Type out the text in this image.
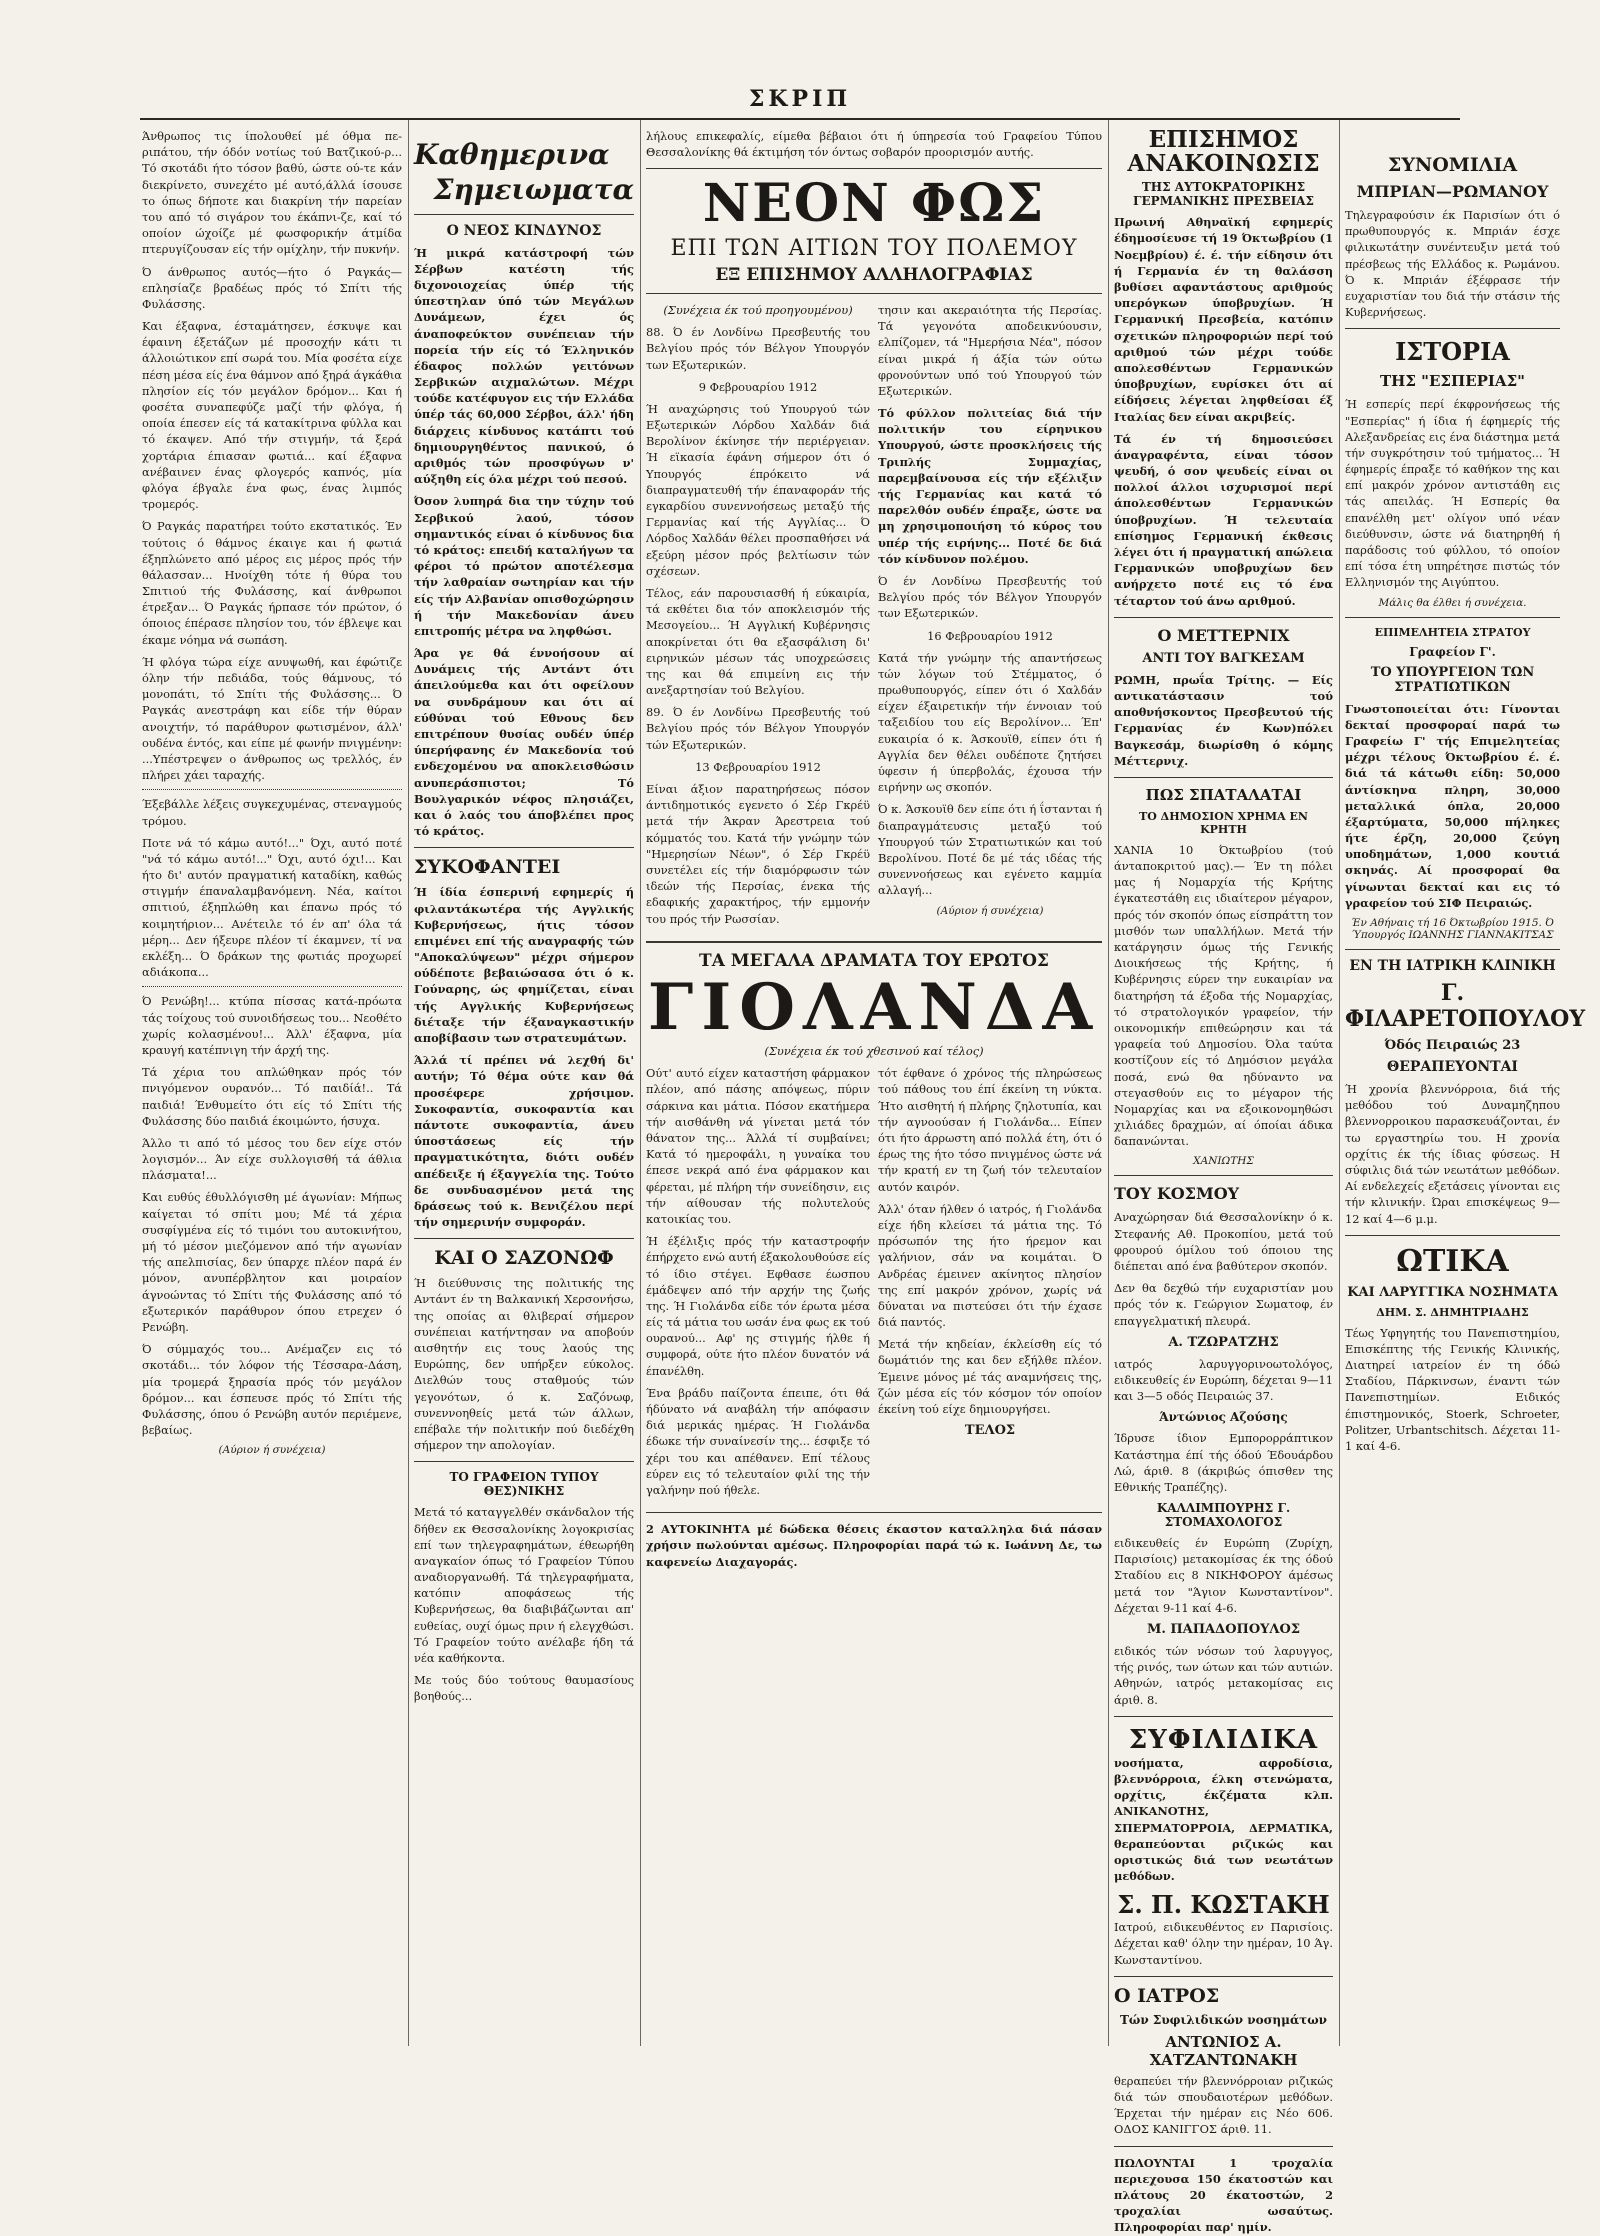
ΣΚΡΙΠ

Άνθρωπος τις ίπολουθεί μέ όθμα πε-ριπάτου, τήν όδόν νοτίως τού Βατζικού-ρ... Τό σκοτάδι ήτο τόσον βαθύ, ώστε ού-τε κάν διεκρίνετο, συνεχέτο μέ αυτό,άλλά ίσουσε το όπως δήποτε και διακρίνη τήν παρείαν του από τό σιγάρον του έκάπνι-ζε, καί τό οποίον ώχοίζε μέ φωσφορικήν άτμίδα πτερυγίζουσαν είς τήν ομίχλην, τήν πυκνήν.

Ό άνθρωπος αυτός—ήτο ό Ραγκάς—επλησίαζε βραδέως πρός τό Σπίτι τής Φυλάσσης.

Και έξαφνα, έσταμάτησεν, έσκυψε και έφαινη έξετάζων μέ προσοχήν κάτι τι άλλοιώτικον επί σωρά του. Μία φοσέτα είχε πέση μέσα είς ένα θάμνον από ξηρά άγκάθια πλησίον είς τόν μεγάλον δρόμον... Και ή φοσέτα συναπεφύζε μαζί τήν φλόγα, ή οποία έπεσεν είς τά κατακίτρινα φύλλα και τό έκαψεν. Από τήν στιγμήν, τά ξερά χορτάρια έπιασαν φωτιά... καί έξαφνα ανέβαινεν ένας φλογερός καπνός, μία φλόγα έβγαλε ένα φως, ένας λιμπός τρομερός.

Ό Ραγκάς παρατήρει τούτο εκστατικός. Έν τούτοις ό θάμνος έκαιγε και ή φωτιά έξηπλώνετο από μέρος εις μέρος πρός τήν θάλασσαν... Ηνοίχθη τότε ή θύρα του Σπιτιού τής Φυλάσσης, καί άνθρωποι έτρεξαν... Ό Ραγκάς ήρπασε τόν πρώτον, ό όποιος έπέρασε πλησίον του, τόν έβλεψε και έκαμε νόημα νά σωπάση.

Ή φλόγα τώρα είχε ανυψωθή, και έφώτιζε όλην τήν πεδιάδα, τούς θάμνους, τό μονοπάτι, τό Σπίτι τής Φυλάσσης... Ό Ραγκάς ανεστράφη και είδε τήν θύραν ανοιχτήν, τό παράθυρον φωτισμένον, άλλ' ουδένα έντός, και είπε μέ φωνήν πνιγμένην: ...Υπέστρεψεν ο άνθρωπος ως τρελλός, έν πλήρει χάει ταραχής.

Έξεβάλλε λέξεις συγκεχυμένας, στεναγμούς τρόμου.

Ποτε νά τό κάμω αυτό!..." Όχι, αυτό ποτέ "νά τό κάμω αυτό!..." Όχι, αυτό όχι!... Και ήτο δι' αυτόν πραγματική καταδίκη, καθώς στιγμήν έπαναλαμβανόμενη. Νέα, καίτοι σπιτιού, έξηπλώθη και έπανω πρός τό κοιμητήριον... Ανέτειλε τό έν απ' όλα τά μέρη... Δεν ήξευρε πλέον τί έκαμνεν, τί να εκλέξη... Ό δράκων της φωτιάς προχωρεί αδιάκοπα...

Ό Ρενώβη!... κτύπα πίσσας κατά-πρόωτα τάς τοίχους τού συνοιδήσεως του... Νεοθέτο χωρίς κολασμένου!... Άλλ' έξαφνα, μία κραυγή κατέπνιγη τήν άρχή της.

Τά χέρια του απλώθηκαν πρός τόν πνιγόμενον ουρανόν... Τό παιδίά!.. Τά παιδιά! Ένθυμείτο ότι είς τό Σπίτι τής Φυλάσσης δύο παιδιά έκοιμώντο, ήσυχα.

Άλλο τι από τό μέσος του δεν είχε στόν λογισμόν... Άν είχε συλλογισθή τά άθλια πλάσματα!...

Και ευθύς έθυλλόγισθη μέ άγωνίαν: Μήπως καίγεται τό σπίτι μου; Μέ τά χέρια συσφίγμένα είς τό τιμόνι του αυτοκινήτου, μή τό μέσον μιεζόμενον από τήν αγωνίαν τής απελπισίας, δεν ύπαρχε πλέον παρά έν μόνον, ανυπέρβλητον και μοιραίον άγνοώντας τό Σπίτι τής Φυλάσσης από τό εξωτερικόν παράθυρον όπου ετρεχεν ό Ρενώβη.

Ό σύμμαχός του... Ανέμαζεν εις τό σκοτάδι... τόν λόφον τής Τέσσαρα-Δάση, μία τρομερά ξηρασία πρός τόν μεγάλον δρόμον... και έσπευσε πρός τό Σπίτι τής Φυλάσσης, όπου ό Ρενώβη αυτόν περιέμενε, βεβαίως.

(Αύριον ή συνέχεια)
Καθημερινα
Σημειωματα
Ο ΝΕΟΣ ΚΙΝΔΥΝΟΣ

Ή μικρά κατάστροφή τών Σέρβων κατέστη τής διχονοιοχείας ύπέρ τής ύπεστηλαν ύπό τών Μεγάλων Δυνάμεων, έχει ός άναποφεύκτον συνέπειαν τήν πορεία τήν είς τό Έλληνικόν έδαφος πολλών γειτόνων Σερβικών αιχμαλώτων. Μέχρι τούδε κατέφυγον εις τήν Ελλάδα ύπέρ τάς 60,000 Σέρβοι, άλλ' ήδη διάρχεις κίνδυνος κατάπτι τού δημιουργηθέντος πανικού, ό αριθμός τών προσφύγων ν' αύξηθη είς όλα μέχρι τού πεσού.

Όσον λυπηρά δια την τύχην τού Σερβικού λαού, τόσον σημαντικός είναι ό κίνδυνος δια τό κράτος: επειδή καταλήγων τα φέροι τό πρώτον αποτέλεσμα τήν λαθραίαν σωτηρίαν και τήν είς τήν Αλβανίαν οπισθοχώρησιν ή τήν Μακεδονίαν άνευ επιτροπής μέτρα να ληφθώσι.

Άρα γε θά έννοήσουν αί Δυνάμεις τής Αντάντ ότι άπειλούμεθα και ότι οφείλουν να συνδράμουν και ότι αί εύθύναι τού Εθνους δεν επιτρέπουν θυσίας ουδέν ύπέρ ύπερήφανης έν Μακεδονία τού ενδεχομένου να αποκλεισθώσιν ανυπεράσπιστοι; Τό Βουλγαρικόν νέφος πλησιάζει, και ό λαός του άποβλέπει προς τό κράτος.

ΣΥΚΟΦΑΝΤΕΙ

Ή ίδία έσπερινή εφημερίς ή φιλαντάκωτέρα τής Αγγλικής Κυβερνήσεως, ήτις τόσον επιμένει επί τής αναγραφής τών "Αποκαλύψεων" μέχρι σήμερον ούδέποτε βεβαιώσασα ότι ό κ. Γούναρης, ώς φημίζεται, είναι τής Αγγλικής Κυβερνήσεως διέταξε τήν έξαναγκαστικήν αποβίβασιν των στρατευμάτων.

Άλλά τί πρέπει νά λεχθή δι' αυτήν; Τό θέμα ούτε καν θά προσέφερε χρήσιμον. Συκοφαντία, συκοφαντία και πάντοτε συκοφαντία, άνευ ύποστάσεως είς τήν πραγματικότητα, διότι ουδέν απέδειξε ή έξαγγελία της. Τούτο δε συνδυασμένον μετά της δράσεως τού κ. Βενιζέλου περί τήν σημερινήν συμφοράν.

ΚΑΙ Ο ΣΑΖΟΝΩΦ

Ή διεύθυνσις της πολιτικής της Αντάντ έν τη Βαλκανική Χερσονήσω, της οποίας αι θλιβεραί σήμερον συνέπειαι κατήντησαν να αποβούν αισθητήν εις τους λαούς της Ευρώπης, δεν υπήρξεν εύκολος. Διελθών τους σταθμούς τών γεγονότων, ό κ. Σαζόνωφ, συνεννοηθείς μετά τών άλλων, επέβαλε τήν πολιτικήν πού διεδέχθη σήμερον την απολογίαν.

ΤΟ ΓΡΑΦΕΙΟΝ ΤΥΠΟΥ ΘΕΣ)ΝΙΚΗΣ

Μετά τό καταγγελθέν σκάνδαλον τής δήθεν εκ Θεσσαλονίκης λογοκρισίας επί των τηλεγραφημάτων, έθεωρήθη αναγκαίον όπως τό Γραφείον Τύπου αναδιοργανωθή. Τά τηλεγραφήματα, κατόπιν αποφάσεως τής Κυβερνήσεως, θα διαβιβάζωνται απ' ευθείας, ουχί όμως πριν ή ελεγχθώσι. Τό Γραφείον τούτο ανέλαβε ήδη τά νέα καθήκοντα.

Με τούς δύο τούτους θαυμασίους βοηθούς...

λήλους επικεφαλίς, είμεθα βέβαιοι ότι ή ύπηρεσία τού Γραφείου Τύπου Θεσσαλονίκης θά έκτιμήση τόν όντως σοβαρόν προορισμόν αυτής.

ΝΕΟΝ ΦΩΣ
ΕΠΙ ΤΩΝ ΑΙΤΙΩΝ ΤΟΥ ΠΟΛΕΜΟΥ
ΕΞ ΕΠΙΣΗΜΟΥ ΑΛΛΗΛΟΓΡΑΦΙΑΣ

(Συνέχεια έκ τού προηγουμένου)

88. Ό έν Λονδίνω Πρεσβευτής του Βελγίου πρός τόν Βέλγον Υπουργόν των Εξωτερικών.

9 Φεβρουαρίου 1912

Ή αναχώρησις τού Υπουργού τών Εξωτερικών Λόρδου Χαλδάν διά Βερολίνον έκίνησε τήν περιέργειαν. Ή εϊκασία έφάνη σήμερον ότι ό Υπουργός έπρόκειτο νά διαπραγματευθή τήν έπαναφοράν τής εγκαρδίου συνεννοήσεως μεταξύ τής Γερμανίας καί τής Αγγλίας... Ό Λόρδος Χαλδάν θέλει προσπαθήσει νά εξεύρη μέσον πρός βελτίωσιν τών σχέσεων.

Τέλος, εάν παρουσιασθή ή εύκαιρία, τά εκθέτει δια τόν αποκλεισμόν τής Μεσογείου... Ή Αγγλική Κυβέρνησις αποκρίνεται ότι θα εξασφάλιση δι' ειρηνικών μέσων τάς υποχρεώσεις της και θά επιμείνη εις τήν ανεξαρτησίαν τού Βελγίου.

89. Ό έν Λονδίνω Πρεσβευτής τού Βελγίου πρός τόν Βέλγον Υπουργόν τών Εξωτερικών.

13 Φεβρουαρίου 1912

Είναι άξιον παρατηρήσεως πόσον άντιδημοτικός εγενετο ό Σέρ Γκρέϋ μετά τήν Άκραν Άρεστρεια τού κόμματός του. Κατά τήν γνώμην τών "Ημερησίων Νέων", ό Σέρ Γκρέϋ συνετέλει είς τήν διαμόρφωσιν τών ιδεών τής Περσίας, ένεκα τής εδαφικής χαρακτήρος, τήν εμμονήν του πρός τήν Ρωσσίαν.

τησιν και ακεραιότητα τής Περσίας. Τά γεγονότα αποδεικνύουσιν, ελπίζομεν, τά "Ημερήσια Νέα", πόσον είναι μικρά ή άξία τών ούτω φρονούντων υπό τού Υπουργού τών Εξωτερικών.

Τό φύλλον πολιτείας διά τήν πολιτικήν του είρηνικου Υπουργού, ώστε προσκλήσεις τής Τριπλής Συμμαχίας, παρεμβαίνουσα είς τήν εξέλιξιν τής Γερμανίας και κατά τό παρελθόν ουδέν έπραξε, ώστε να μη χρησιμοποιήση τό κύρος του υπέρ τής ειρήνης... Ποτέ δε διά τόν κίνδυνον πολέμου.

Ό έν Λονδίνω Πρεσβευτής τού Βελγίου πρός τόν Βέλγον Υπουργόν των Εξωτερικών.

16 Φεβρουαρίου 1912

Κατά τήν γνώμην τής απαντήσεως τών λόγων τού Στέμματος, ό πρωθυπουργός, είπεν ότι ό Χαλδάν είχεν έξαιρετικήν τήν έννοιαν τού ταξειδίου του είς Βερολίνον... Έπ' ευκαιρία ό κ. Άσκουϊθ, είπεν ότι ή Αγγλία δεν θέλει ουδέποτε ζητήσει ύφεσιν ή ύπερβολάς, έχουσα τήν ειρήνην ως σκοπόν.

Ό κ. Άσκουϊθ δεν είπε ότι ή ΐστανται ή διαπραγμάτευσις μεταξύ τού Υπουργού τών Στρατιωτικών και τού Βερολίνου. Ποτέ δε μέ τάς ιδέας τής συνεννοήσεως και εγένετο καμμία αλλαγή...

(Αύριον ή συνέχεια)
ΤΑ ΜΕΓΑΛΑ ΔΡΑΜΑΤΑ ΤΟΥ ΕΡΩΤΟΣ
ΓΙΟΛΑΝΔΑ

(Συνέχεια έκ τού χθεσινού καί τέλος)

Ούτ' αυτό είχεν καταστήση φάρμακον πλέον, από πάσης απόψεως, πύριν σάρκινα και μάτια. Πόσον εκατήμερα τήν αισθάνθη νά γίνεται μετά τόν θάνατον της... Άλλά τί συμβαίνει; Κατά τό ημεροφάλι, η γυναίκα του έπεσε νεκρά από ένα φάρμακον και φέρεται, μέ πλήρη τήν συνείδησιν, εις τήν αίθουσαν τής πολυτελούς κατοικίας του.

Ή έξέλιξις πρός τήν καταστροφήν έπήρχετο ενώ αυτή έξακολουθούσε είς τό ίδιο στέγει. Εφθασε έωσπου έμάδεψεν από τήν αρχήν της ζωής της. Ή Γιολάνδα είδε τόν έρωτα μέσα είς τά μάτια του ωσάν ένα φως εκ τού ουρανού... Αφ' ης στιγμής ήλθε ή συμφορά, ούτε ήτο πλέον δυνατόν νά έπανέλθη.

Ένα βράδυ παίζοντα έπειπε, ότι θά ήδύνατο νά αναβάλη τήν απόφασιν διά μερικάς ημέρας. Ή Γιολάνδα έδωκε τήν συναίνεσίν της... έσφιξε τό χέρι του και απέθανεν. Επί τέλους εύρεν εις τό τελευταίον φιλί της τήν γαλήνην πού ήθελε.

τότ έφθανε ό χρόνος τής πληρώσεως τού πάθους του έπί έκείνη τη νύκτα. Ήτο αισθητή ή πλήρης ζηλοτυπία, και τήν αγνοούσαν ή Γιολάνδα... Είπεν ότι ήτο άρρωστη από πολλά έτη, ότι ό έρως της ήτο τόσο πνιγμένος ώστε νά τήν κρατή εν τη ζωή τόν τελευταίον αυτόν καιρόν.

Άλλ' όταν ήλθεν ό ιατρός, ή Γιολάνδα είχε ήδη κλείσει τά μάτια της. Τό πρόσωπόν της ήτο ήρεμον και γαλήνιον, σάν να κοιμάται. Ό Ανδρέας έμεινεν ακίνητος πλησίον της επί μακρόν χρόνον, χωρίς νά δύναται να πιστεύσει ότι τήν έχασε διά παντός.

Μετά τήν κηδείαν, έκλείσθη είς τό δωμάτιόν της και δεν εξήλθε πλέον. Έμεινε μόνος μέ τάς αναμνήσεις της, ζών μέσα είς τόν κόσμον τόν οποίον έκείνη τού είχε δημιουργήσει.

ΤΕΛΟΣ

2 ΑΥΤΟΚΙΝΗΤΑ μέ δώδεκα θέσεις έκαστον καταλληλα διά πάσαν χρήσιν πωλούνται αμέσως. Πληροφορίαι παρά τώ κ. Ιωάννη Δε, τω καφενείω Διαχαγοράς.

ΕΠΙΣΗΜΟΣ ΑΝΑΚΟΙΝΩΣΙΣ
ΤΗΣ ΑΥΤΟΚΡΑΤΟΡΙΚΗΣ ΓΕΡΜΑΝΙΚΗΣ ΠΡΕΣΒΕΙΑΣ

Πρωινή Αθηναϊκή εφημερίς έδημοσίευσε τή 19 Όκτωβρίου (1 Νοεμβρίου) έ. έ. τήν είδησιν ότι ή Γερμανία έν τη θαλάσση βυθίσει αφαντάστους αριθμούς υπερόγκων ύποβρυχίων. Ή Γερμανική Πρεσβεία, κατόπιν σχετικών πληροφοριών περί τού αριθμού τών μέχρι τούδε απολεσθέντων Γερμανικών ύποβρυχίων, ευρίσκει ότι αί είδήσεις λέγεται ληφθείσαι έξ Ιταλίας δεν είναι ακριβείς.

Τά έν τή δημοσιεύσει άναγραφέντα, είναι τόσον ψευδή, ό σον ψευδείς είναι οι πολλοί άλλοι ισχυρισμοί περί άπολεσθέντων Γερμανικών ύποβρυχίων. Ή τελευταία επίσημος Γερμανική έκθεσις λέγει ότι ή πραγματική απώλεια Γερμανικών υποβρυχίων δεν ανήρχετο ποτέ εις τό ένα τέταρτον τού άνω αριθμού.

Ο ΜΕΤΤΕΡΝΙΧ
ΑΝΤΙ ΤΟΥ ΒΑΓΚΕΣΑΜ

ΡΩΜΗ, πρωΐα Τρίτης. — Είς αντικατάστασιν τού αποθνήσκοντος Πρεσβευτού τής Γερμανίας έν Κων)πόλει Βαγκεσάμ, διωρίσθη ό κόμης Μέττερνιχ.

ΠΩΣ ΣΠΑΤΑΛΑΤΑΙ
ΤΟ ΔΗΜΟΣΙΟΝ ΧΡΗΜΑ ΕΝ ΚΡΗΤΗ

ΧΑΝΙΑ 10 Όκτωβρίου (τού άνταποκριτού μας).— Έν τη πόλει μας ή Νομαρχία τής Κρήτης έγκατεστάθη εις ιδιαίτερον μέγαρον, πρός τόν σκοπόν όπως είσπράττη τον μισθόν των υπαλλήλων. Μετά τήν κατάργησιν όμως τής Γενικής Διοικήσεως τής Κρήτης, ή Κυβέρνησις εύρεν την ευκαιρίαν να διατηρήση τά έξοδα τής Νομαρχίας, τό στρατολογικόν γραφείον, τήν οικονομικήν επιθεώρησιν και τά γραφεία τού Δημοσίου. Όλα ταύτα κοστίζουν είς τό Δημόσιον μεγάλα ποσά, ενώ θα ηδύναντο να στεγασθούν εις το μέγαρον τής Νομαρχίας και να εξοικονομηθώσι χιλιάδες δραχμών, αί όποίαι άδικα δαπανώνται.

ΧΑΝΙΩΤΗΣ
ΤΟΥ ΚΟΣΜΟΥ

Αναχώρησαν διά Θεσσαλονίκην ό κ. Στεφανής Αθ. Προκοπίου, μετά τού φρουρού όμίλου τού όποιου της διέπεται από ένα βαθύτερον σκοπόν.

Δεν θα δεχθώ τήν ευχαριστίαν μου πρός τόν κ. Γεώργιον Σωματοφ, έν επαγγελματική πλευρά.

Α. ΤΖΩΡΑΤΖΗΣ

ιατρός λαρυγγορινοωτολόγος, ειδικευθείς έν Ευρώπη, δέχεται 9—11 και 3—5 οδός Πειραιώς 37.

Άντώνιος Αζούσης

Ίδρυσε ίδιον Εμπορορράπτικον Κατάστημα έπί τής όδού Έδουάρδου Λώ, άριθ. 8 (άκριβώς όπισθεν της Εθνικής Τραπέζης).

ΚΑΛΛΙΜΠΟΥΡΗΣ Γ. ΣΤΟΜΑΧΟΛΟΓΟΣ

ειδικευθείς έν Ευρώπη (Ζυρίχη, Παρισίοις) μετακομίσας έκ της όδού Σταδίου εις 8 ΝΙΚΗΦΟΡΟΥ άμέσως μετά τον "Άγιον Κωνσταντίνον". Δέχεται 9-11 καί 4-6.

Μ. ΠΑΠΑΔΟΠΟΥΛΟΣ

ειδικός τών νόσων τού λαρυγγος, τής ρινός, των ώτων και τών αυτιών. Αθηνών, ιατρός μετακομίσας εις άριθ. 8.

ΣΥΦΙΛΙΔΙΚΑ

νοσήματα, αφροδίσια, βλεννόρροια, έλκη στενώματα, ορχίτις, έκζέματα κλπ. ΑΝΙΚΑΝΟΤΗΣ, ΣΠΕΡΜΑΤΟΡΡΟΙΑ, ΔΕΡΜΑΤΙΚΑ, θεραπεύονται ριζικώς και οριστικώς διά των νεωτάτων μεθόδων.

Σ. Π. ΚΩΣΤΑΚΗ

Ιατρού, ειδικευθέντος εν Παρισίοις. Δέχεται καθ' όλην την ημέραν, 10 Άγ. Κωνσταντίνου.

Ο ΙΑΤΡΟΣ
Τών Συφιλιδικών νοσημάτων
ΑΝΤΩΝΙΟΣ Α. ΧΑΤΖΑΝΤΩΝΑΚΗ

θεραπεύει τήν βλεννόρροιαν ριζικώς διά τών σπουδαιοτέρων μεθόδων. Έρχεται τήν ημέραν εις Νέο 606. ΟΔΟΣ ΚΑΝΙΓΓΟΣ άριθ. 11.

ΠΩΛΟΥΝΤΑΙ 1 τροχαλία περιεχουσα 150 έκατοστών και πλάτους 20 έκατοστών, 2 τροχαλίαι ωσαύτως. Πληροφορίαι παρ' ημίν.

ΣΥΝΟΜΙΛΙΑ
ΜΠΡΙΑΝ—ΡΩΜΑΝΟΥ

Τηλεγραφούσιν έκ Παρισίων ότι ό πρωθυπουργός κ. Μπριάν έσχε φιλικωτάτην συνέντευξιν μετά τού πρέσβεως τής Ελλάδος κ. Ρωμάνου. Ό κ. Μπριάν έξέφρασε τήν ευχαριστίαν του διά τήν στάσιν τής Κυβερνήσεως.

ΙΣΤΟΡΙΑ
ΤΗΣ "ΕΣΠΕΡΙΑΣ"

Ή εσπερίς περί έκφρονήσεως τής "Εσπερίας" ή ίδια ή έφημερίς τής Αλεξανδρείας εις ένα διάστημα μετά τήν συγκρότησιν τού τμήματος... Ή έφημερίς έπραξε τό καθήκον της και επί μακρόν χρόνον αντιστάθη εις τάς απειλάς. Ή Εσπερίς θα επανέλθη μετ' ολίγον υπό νέαν διεύθυνσιν, ώστε νά διατηρηθή ή παράδοσις τού φύλλου, τό οποίον επί τόσα έτη υπηρέτησε πιστώς τόν Ελληνισμόν της Αιγύπτου.

Μάλις θα έλθει ή συνέχεια.
ΕΠΙΜΕΛΗΤΕΙΑ ΣΤΡΑΤΟΥ
Γραφείον Γ'.
ΤΟ ΥΠΟΥΡΓΕΙΟΝ ΤΩΝ ΣΤΡΑΤΙΩΤΙΚΩΝ

Γνωστοποιείται ότι: Γίνονται δεκταί προσφοραί παρά τω Γραφείω Γ' τής Επιμελητείας μέχρι τέλους Όκτωβρίου έ. έ. διά τά κάτωθι είδη: 50,000 άντίσκηνα πληρη, 30,000 μεταλλικά όπλα, 20,000 έξαρτύματα, 50,000 πήληκες ήτε έρζη, 20,000 ζεύγη υποδημάτων, 1,000 κουτιά σκηνάς. Αί προσφοραί θα γίνωνται δεκταί και εις τό γραφείον τού ΣΙΦ Πειραιώς.

Έν Αθήναις τή 16 Όκτωβρίου 1915. Ό Ύπουργός ΙΩΑΝΝΗΣ ΓΙΑΝΝΑΚΙΤΣΑΣ
ΕΝ ΤΗ ΙΑΤΡΙΚΗ ΚΛΙΝΙΚΗ
Γ. ΦΙΛΑΡΕΤΟΠΟΥΛΟΥ
Όδός Πειραιώς 23
ΘΕΡΑΠΕΥΟΝΤΑΙ

Ή χρονία βλεννόρροια, διά τής μεθόδου τού Δυναμηζηπου βλεννορροικου παρασκευάζονται, έν τω εργαστηρίω του. Η χρονία ορχίτις έκ τής ίδιας φύσεως. Η σύφιλις διά τών νεωτάτων μεθόδων. Αί ενδελεχείς εξετάσεις γίνονται εις τήν κλινικήν. Ώραι επισκέψεως 9—12 καί 4—6 μ.μ.

ΩΤΙΚΑ
ΚΑΙ ΛΑΡΥΓΓΙΚΑ ΝΟΣΗΜΑΤΑ
ΔΗΜ. Σ. ΔΗΜΗΤΡΙΑΔΗΣ

Τέως Υφηγητής του Πανεπιστημίου, Επισκέπτης τής Γενικής Κλινικής, Διατηρεί ιατρείον έν τη όδώ Σταδίου, Πάρκινσων, έναντι τών Πανεπιστημίων. Ειδικός έπιστημονικός, Stoerk, Schroeter, Politzer, Urbantschitsch. Δέχεται 11-1 καί 4-6.
